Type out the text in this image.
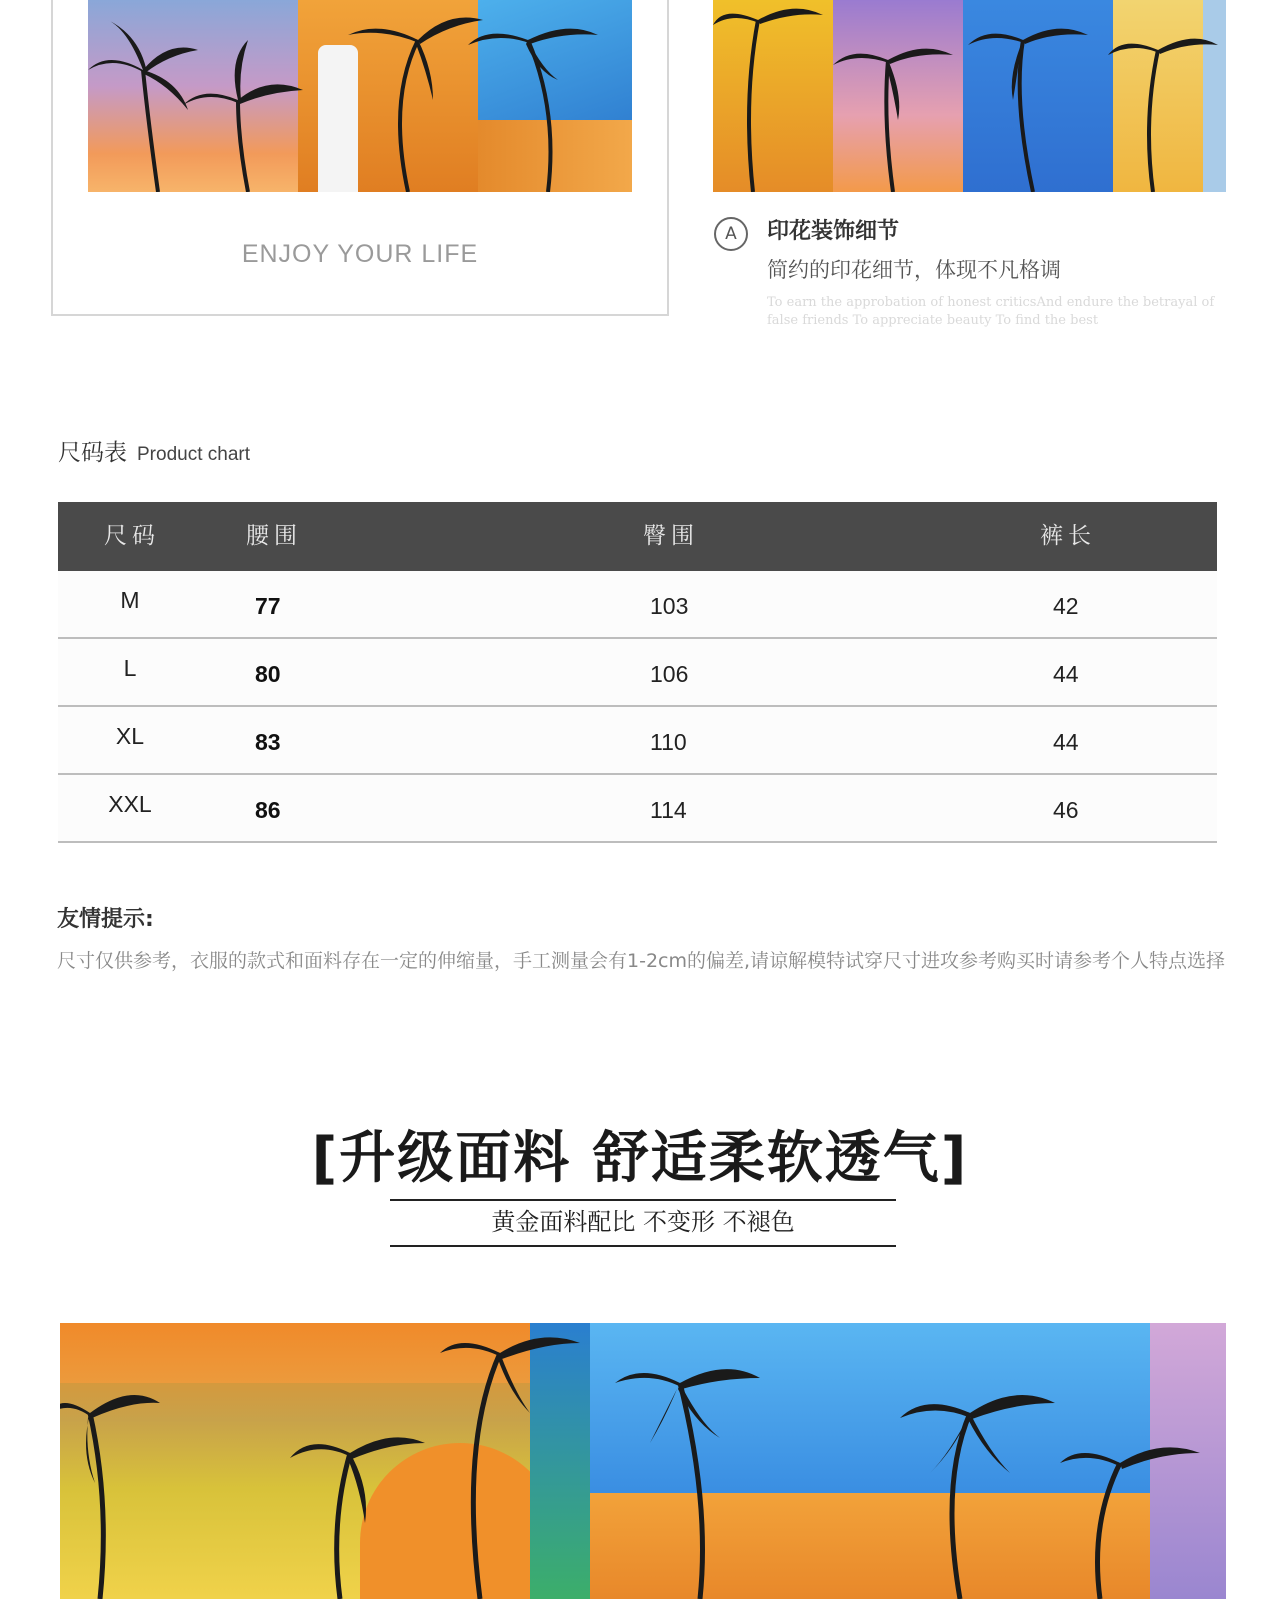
ENJOY YOUR LIFE
A	印花装饰细节
简约的印花细节，体现不凡格调
To earn the approbation of honest criticsAnd endure the betrayal of false friends To appreciate beauty To find the best
尺码表 Product chart
尺码	腰围	臀围	裤长
M	77	103	42
L	80	106	44
XL	83	110	44
XXL	86	114	46
友情提示:
尺寸仅供参考，衣服的款式和面料存在一定的伸缩量，手工测量会有1-2cm的偏差,请谅解模特试穿尺寸进攻参考购买时请参考个人特点选择
[升级面料 舒适柔软透气]
黄金面料配比 不变形 不褪色
